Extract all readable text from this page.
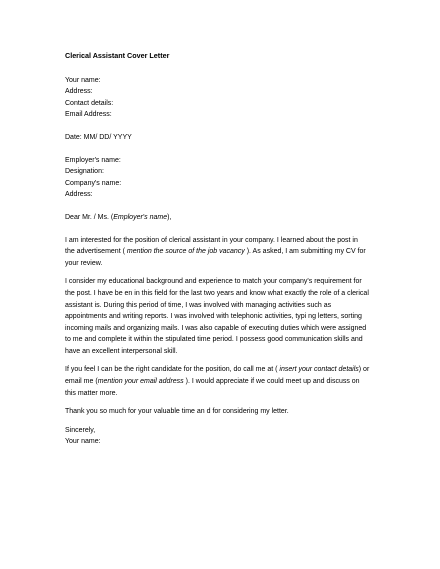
Clerical Assistant Cover Letter
Your name:
Address:
Contact details:
Email Address:
Date: MM/ DD/ YYYY
Employer's name:
Designation:
Company's name:
Address:
Dear Mr. / Ms. (Employer's name),
I am interested for the position of clerical assistant in your company. I learned about the post in
the advertisement ( mention the source of the job vacancy ). As asked, I am submitting my CV for
your review.
I consider my educational background and experience to match your company's requirement for
the post. I have be en in this field for the last two years and know what exactly the role of a clerical
assistant is. During this period of time, I was involved with managing activities such as
appointments and writing reports. I was involved with telephonic activities, typi ng letters, sorting
incoming mails and organizing mails. I was also capable of executing duties which were assigned
to me and complete it within the stipulated time period. I possess good communication skills and
have an excellent interpersonal skill.
If you feel I can be the right candidate for the position, do call me at ( insert your contact details) or
email me (mention your email address ). I would appreciate if we could meet up and discuss on
this matter more.
Thank you so much for your valuable time an d for considering my letter.
Sincerely,
Your name:
